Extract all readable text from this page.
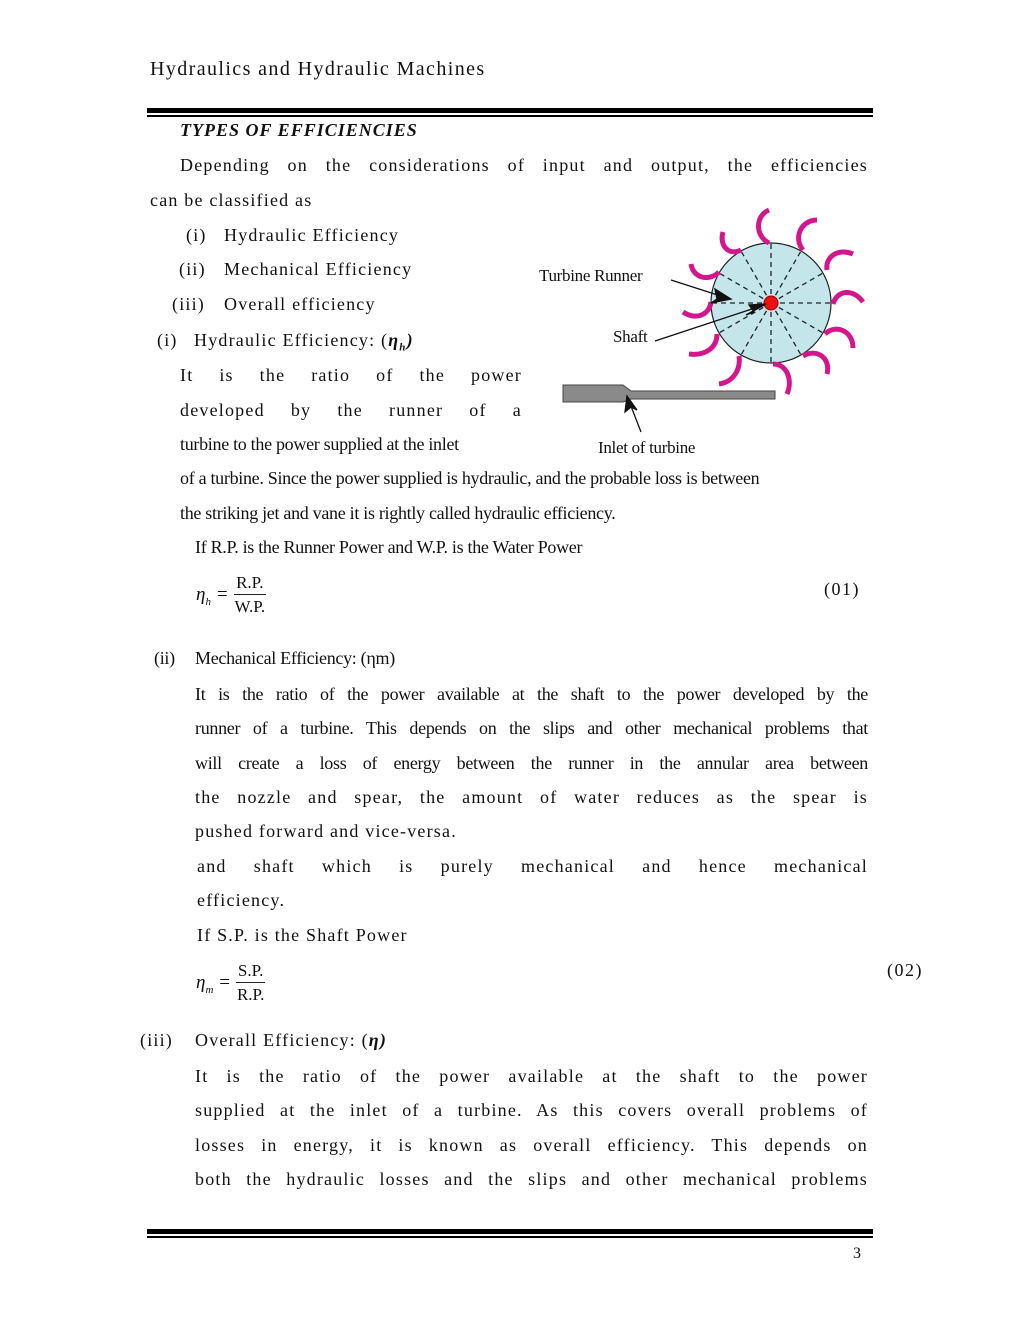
Hydraulics and Hydraulic Machines
TYPES OF EFFICIENCIES
Depending on the considerations of input and output, the efficiencies
can be classified as
(i) Hydraulic Efficiency
(ii) Mechanical Efficiency
(iii) Overall efficiency
(i) Hydraulic Efficiency: $(\eta_h)$
It is the ratio of the power
developed by the runner of a
turbine to the power supplied at the inlet
of a turbine. Since the power supplied is hydraulic, and the probable loss is between
the striking jet and vane it is rightly called hydraulic efficiency.
If R.P. is the Runner Power and W.P. is the Water Power
$\eta_h = \frac{R.P.}{W.P.}$	(01)
Turbine Runner
Shaft
Inlet of turbine
(ii) Mechanical Efficiency: (ηm)
It is the ratio of the power available at the shaft to the power developed by the
runner of a turbine. This depends on the slips and other mechanical problems that
will create a loss of energy between the runner in the annular area between
the nozzle and spear, the amount of water reduces as the spear is
pushed forward and vice-versa.
and shaft which is purely mechanical and hence mechanical
efficiency.
If S.P. is the Shaft Power
$\eta_m = \frac{S.P.}{R.P.}$	(02)
(iii) Overall Efficiency: (η)
It is the ratio of the power available at the shaft to the power
supplied at the inlet of a turbine. As this covers overall problems of
losses in energy, it is known as overall efficiency. This depends on
both the hydraulic losses and the slips and other mechanical problems
3
